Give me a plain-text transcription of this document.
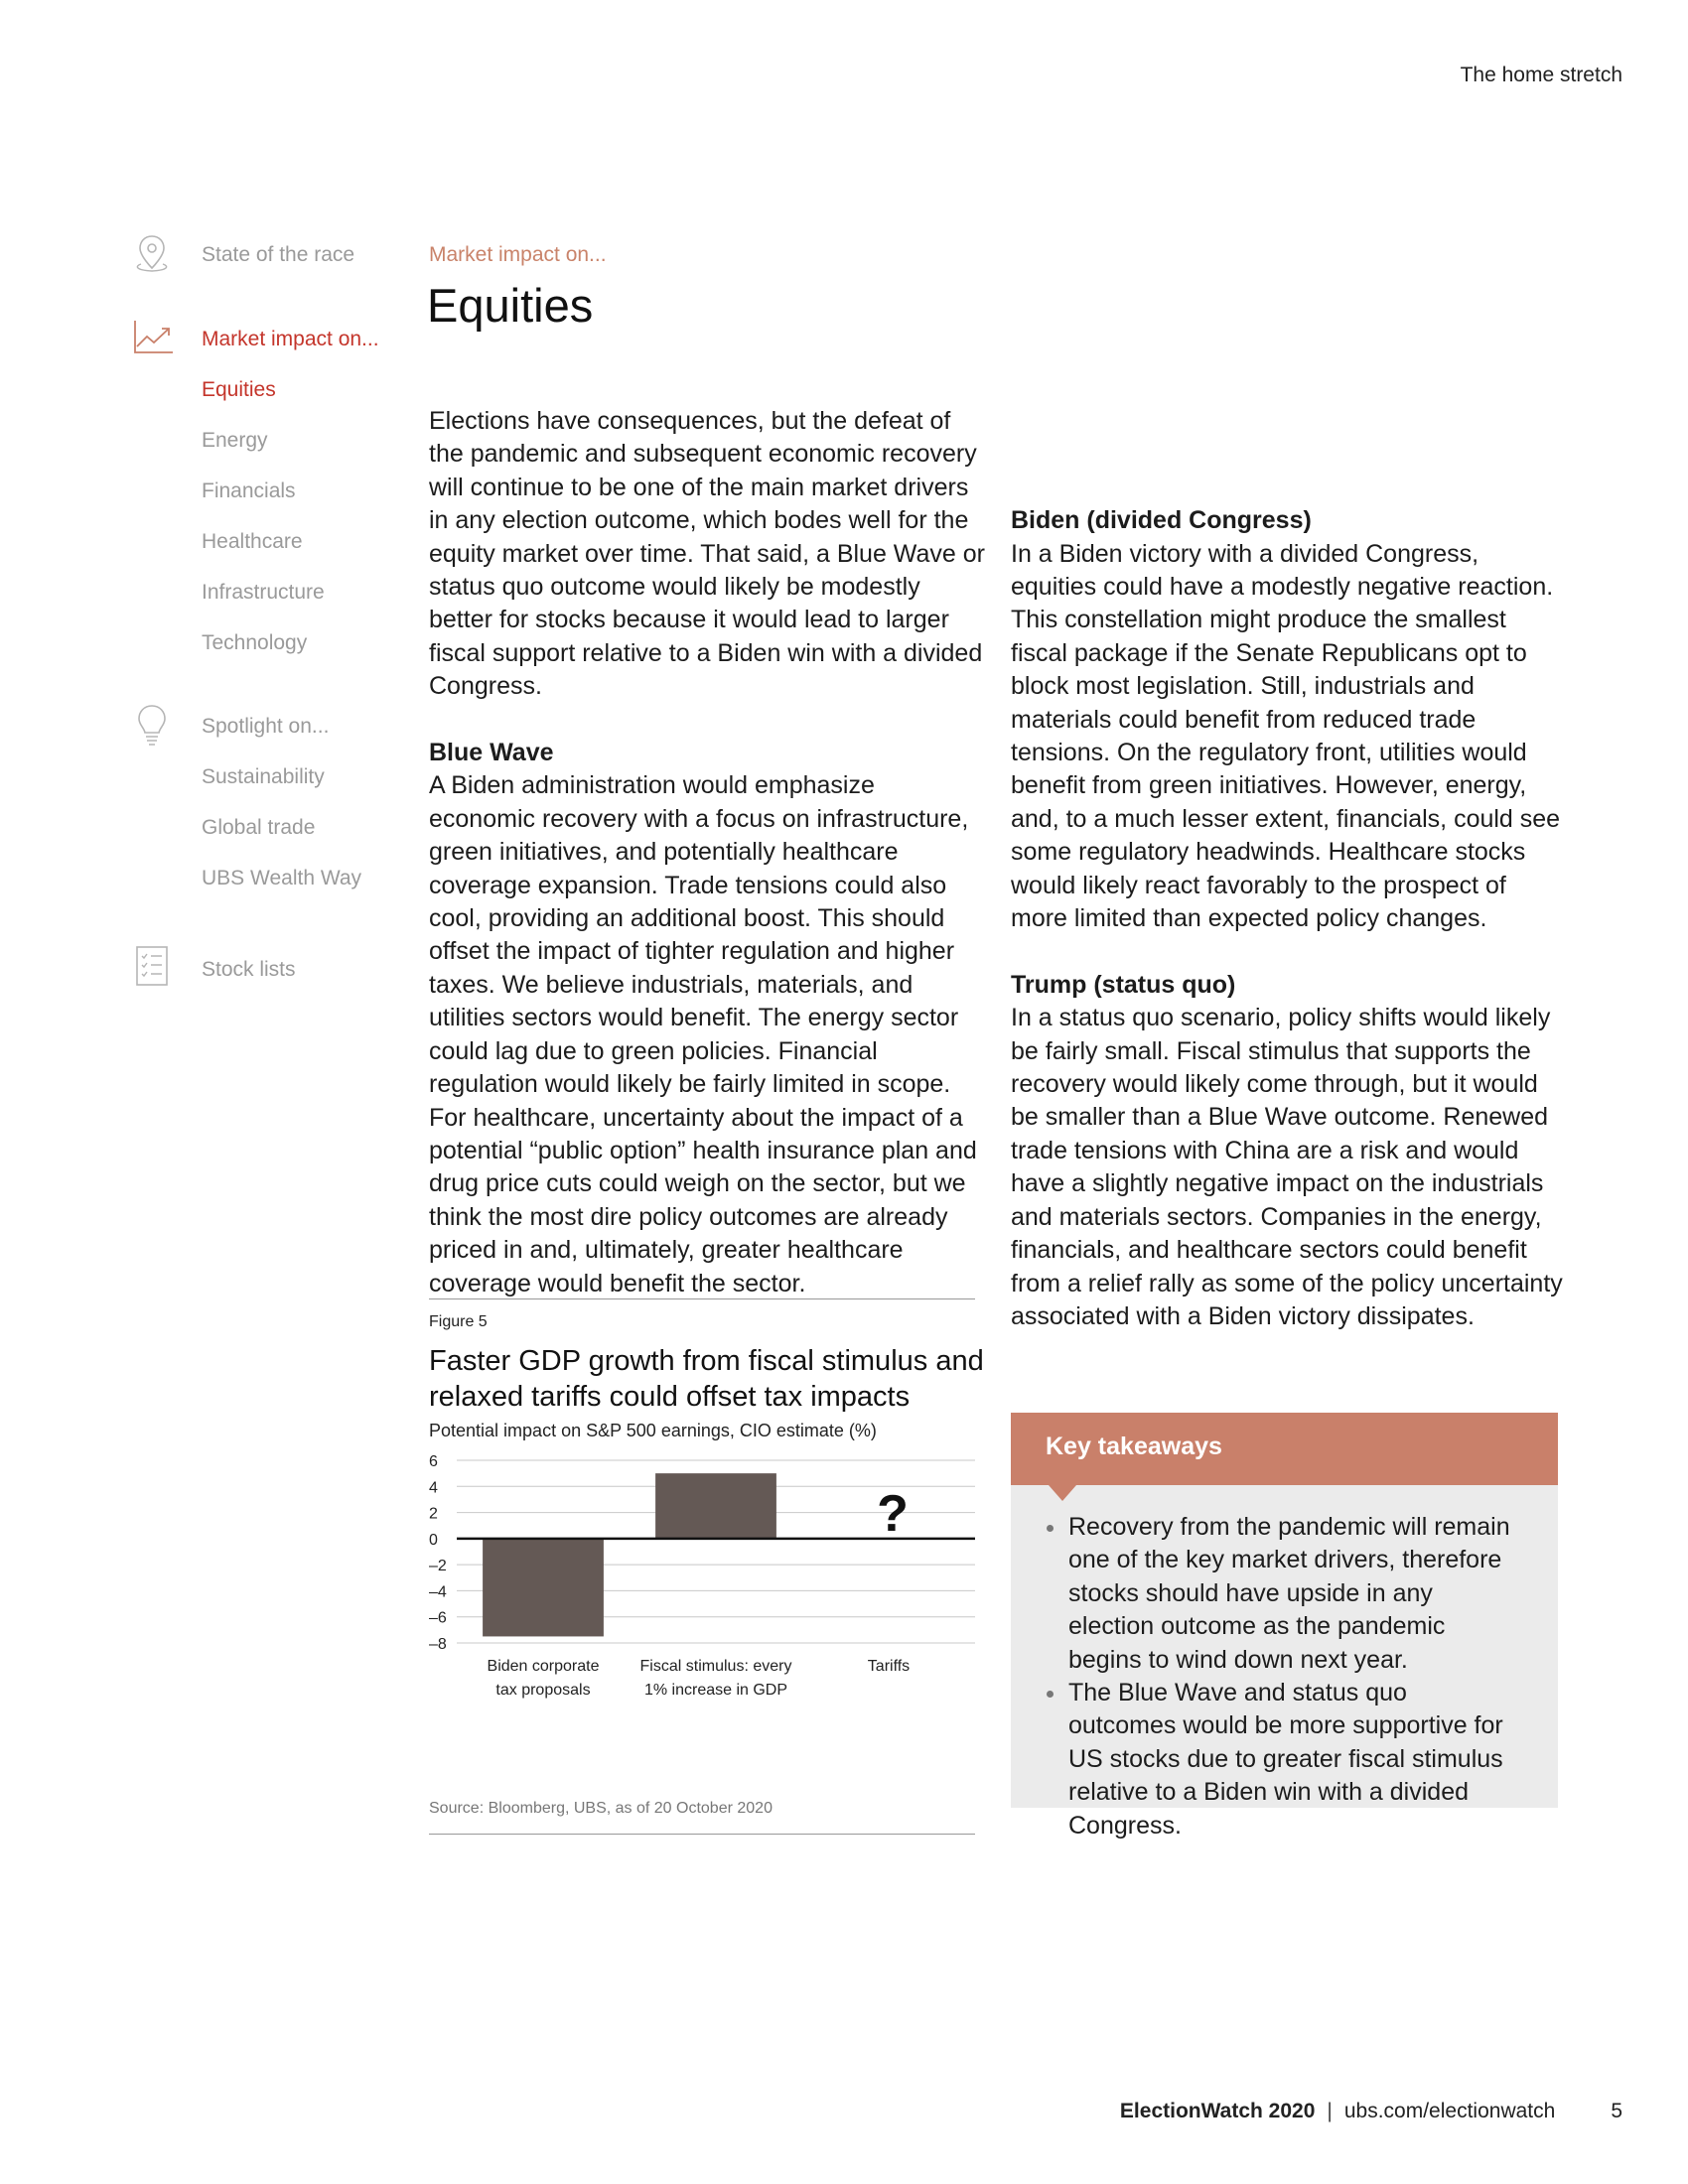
The home stretch
State of the race
Market impact on...
Equities
Energy
Financials
Healthcare
Infrastructure
Technology
Spotlight on...
Sustainability
Global trade
UBS Wealth Way
Stock lists
Market impact on...
Equities

Elections have consequences, but the defeat of the pandemic and subsequent economic recovery will continue to be one of the main market drivers in any election outcome, which bodes well for the equity market over time. That said, a Blue Wave or status quo outcome would likely be modestly better for stocks because it would lead to larger fiscal support relative to a Biden win with a divided Congress.

Blue Wave

A Biden administration would emphasize economic recovery with a focus on infrastructure, green initiatives, and potentially healthcare coverage expansion. Trade tensions could also cool, providing an additional boost. This should offset the impact of tighter regulation and higher taxes. We believe industrials, materials, and utilities sectors would benefit. The energy sector could lag due to green policies. Financial regulation would likely be fairly limited in scope. For healthcare, uncertainty about the impact of a potential “public option” health insurance plan and drug price cuts could weigh on the sector, but we think the most dire policy outcomes are already priced in and, ultimately, greater healthcare coverage would benefit the sector.

Biden (divided Congress)

In a Biden victory with a divided Congress, equities could have a modestly negative reaction. This constellation might produce the smallest fiscal package if the Senate Republicans opt to block most legislation. Still, industrials and materials could benefit from reduced trade tensions. On the regulatory front, utilities would benefit from green initiatives. However, energy, and, to a much lesser extent, financials, could see some regulatory headwinds. Healthcare stocks would likely react favorably to the prospect of more limited than expected policy changes.

Trump (status quo)

In a status quo scenario, policy shifts would likely be fairly small. Fiscal stimulus that supports the recovery would likely come through, but it would be smaller than a Blue Wave outcome. Renewed trade tensions with China are a risk and would have a slightly negative impact on the industrials and materials sectors. Companies in the energy, financials, and healthcare sectors could benefit from a relief rally as some of the policy uncertainty associated with a Biden victory dissipates.

Figure 5
Faster GDP growth from fiscal stimulus and relaxed tariffs could offset tax impacts
Potential impact on S&P 500 earnings, CIO estimate (%)
6
4
2
0
–2
–4
–6
–8
Biden corporate
tax proposals
Fiscal stimulus: every
1% increase in GDP
Tariffs
?
Source: Bloomberg, UBS, as of 20 October 2020
Key takeaways
Recovery from the pandemic will remain one of the key market drivers, therefore stocks should have upside in any election outcome as the pandemic begins to wind down next year.
The Blue Wave and status quo outcomes would be more supportive for US stocks due to greater fiscal stimulus relative to a Biden win with a divided Congress.
ElectionWatch 2020 | ubs.com/electionwatch	5
